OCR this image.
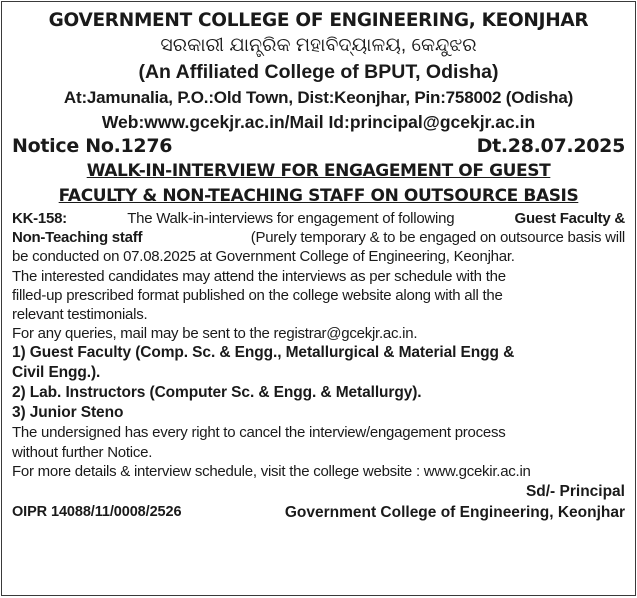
GOVERNMENT COLLEGE OF ENGINEERING, KEONJHAR
ସରକାରୀ ଯାନ୍ତ୍ରିକ ମହାବିଦ୍ୟାଳୟ, କେନ୍ଦୁଝର
(An Affiliated College of BPUT, Odisha)
At:Jamunalia, P.O.:Old Town, Dist:Keonjhar, Pin:758002 (Odisha)
Web:www.gcekjr.ac.in/Mail Id:principal@gcekjr.ac.in
Notice No.1276	Dt.28.07.2025
WALK-IN-INTERVIEW FOR ENGAGEMENT OF GUEST
FACULTY & NON-TEACHING STAFF ON OUTSOURCE BASIS
KK-158:	The Walk-in-interviews for engagement of following	Guest Faculty &
Non-Teaching staff	(Purely temporary & to be engaged on outsource basis will
be conducted on 07.08.2025 at Government College of Engineering, Keonjhar.
The interested candidates may attend the interviews as per schedule with the
filled-up prescribed format published on the college website along with all the
relevant testimonials.
For any queries, mail may be sent to the registrar@gcekjr.ac.in.
1) Guest Faculty (Comp. Sc. & Engg., Metallurgical & Material Engg &
Civil Engg.).
2) Lab. Instructors (Computer Sc. & Engg. & Metallurgy).
3) Junior Steno
The undersigned has every right to cancel the interview/engagement process
without further Notice.
For more details & interview schedule, visit the college website : www.gcekir.ac.in
Sd/- Principal
OIPR 14088/11/0008/2526	Government College of Engineering, Keonjhar
